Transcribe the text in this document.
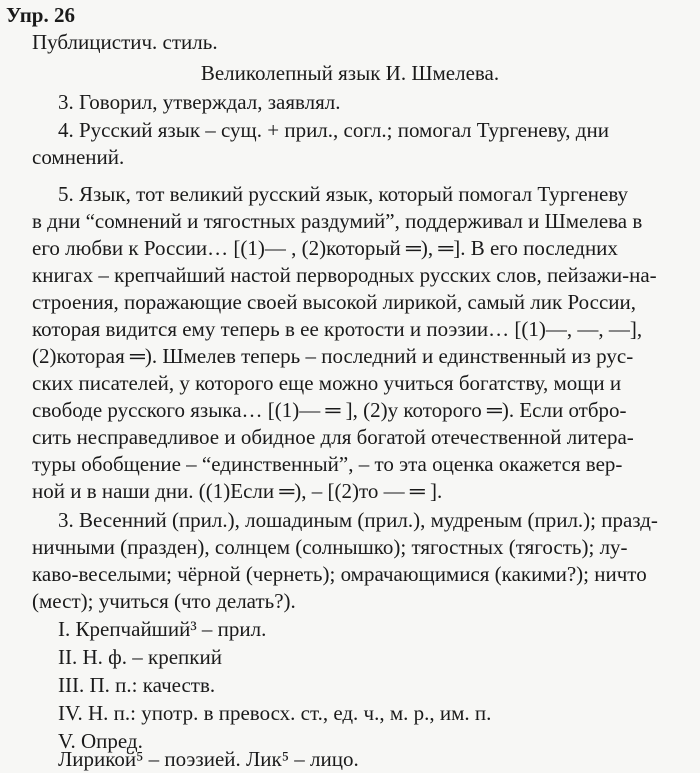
Упр. 26
Публицистич. стиль.
Великолепный язык И. Шмелева.
3. Говорил, утверждал, заявлял.
4. Русский язык – сущ. + прил., согл.; помогал Тургеневу, дни
сомнений.
5. Язык, тот великий русский язык, который помогал Тургеневу
в дни “сомнений и тягостных раздумий”, поддерживал и Шмелева в
его любви к России… [(1)— , (2)который ═), ═]. В его последних
книгах – крепчайший настой первородных русских слов, пейзажи-на-
строения, поражающие своей высокой лирикой, самый лик России,
которая видится ему теперь в ее кротости и поэзии… [(1)—, —, —],
(2)которая ═). Шмелев теперь – последний и единственный из рус-
ских писателей, у которого еще можно учиться богатству, мощи и
свободе русского языка… [(1)— ═ ], (2)у которого ═). Если отбро-
сить несправедливое и обидное для богатой отечественной литера-
туры обобщение – “единственный”, – то эта оценка окажется вер-
ной и в наши дни. ((1)Если ═), – [(2)то — ═ ].
3. Весенний (прил.), лошадиным (прил.), мудреным (прил.); празд-
ничными (празден), солнцем (солнышко); тягостных (тягость); лу-
каво-веселыми; чёрной (чернеть); омрачающимися (какими?); ничто
(мест); учиться (что делать?).
I. Крепчайший³ – прил.
II. Н. ф. – крепкий
III. П. п.: качеств.
IV. Н. п.: употр. в превосх. ст., ед. ч., м. р., им. п.
V. Опред.
Лирикой⁵ – поэзией. Лик⁵ – лицо.
